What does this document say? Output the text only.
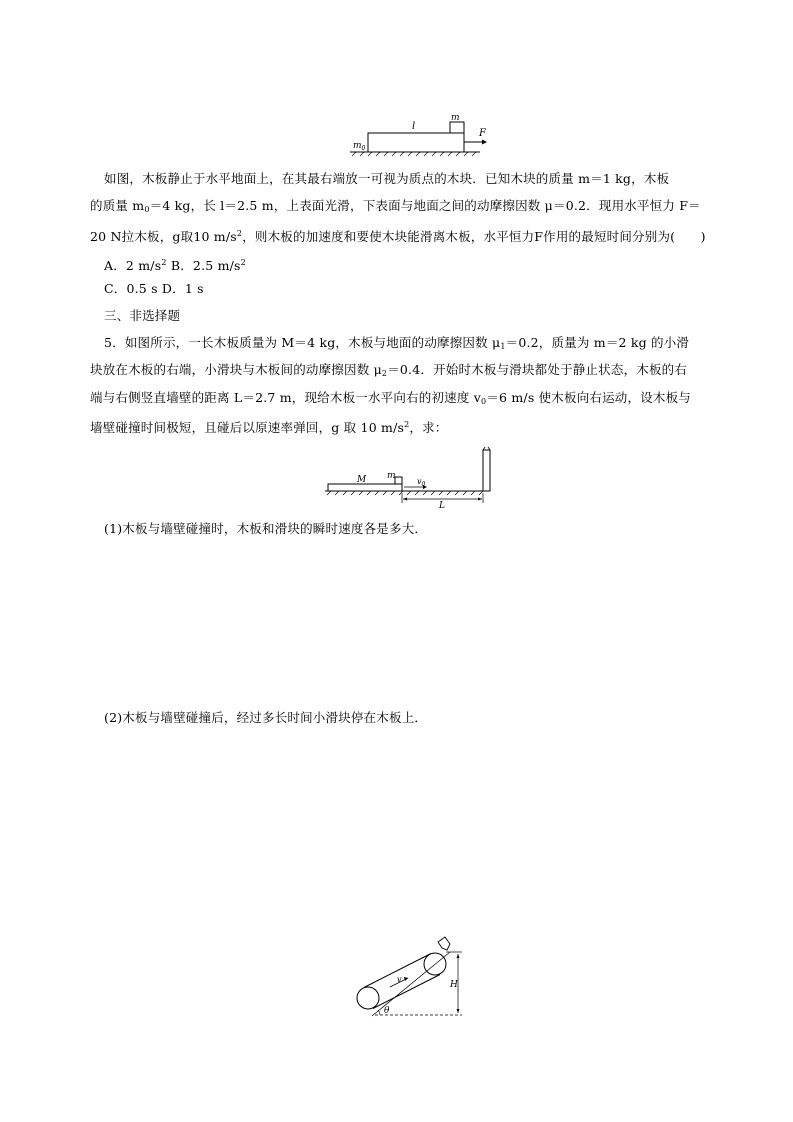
$m_0$
l
m
F
如图，木板静止于水平地面上，在其最右端放一可视为质点的木块．已知木块的质量 m＝1 kg，木板
的质量 $m_0=4$ kg，长 l＝2.5 m，上表面光滑，下表面与地面之间的动摩擦因数 μ＝0.2．现用水平恒力 F＝
20 N拉木板，g取10 $m/s^2$，则木板的加速度和要使木块能滑离木板，水平恒力F作用的最短时间分别为(　　)
A．2 $m/s^2$ B．2.5 $m/s^2$
C．0.5 s D．1 s
三、非选择题
5．如图所示，一长木板质量为 M＝4 kg，木板与地面的动摩擦因数 $\mu_1=0.2$，质量为 m＝2 kg 的小滑
块放在木板的右端，小滑块与木板间的动摩擦因数 $\mu_2=0.4$．开始时木板与滑块都处于静止状态，木板的右
端与右侧竖直墙壁的距离 L＝2.7 m，现给木板一水平向右的初速度 $v_0=6$ m/s 使木板向右运动，设木板与
墙壁碰撞时间极短，且碰后以原速率弹回，g 取 10 $m/s^2$，求：
M m
$v_0$
L
(1)木板与墙壁碰撞时，木板和滑块的瞬时速度各是多大．
(2)木板与墙壁碰撞后，经过多长时间小滑块停在木板上．
H
v
θ
